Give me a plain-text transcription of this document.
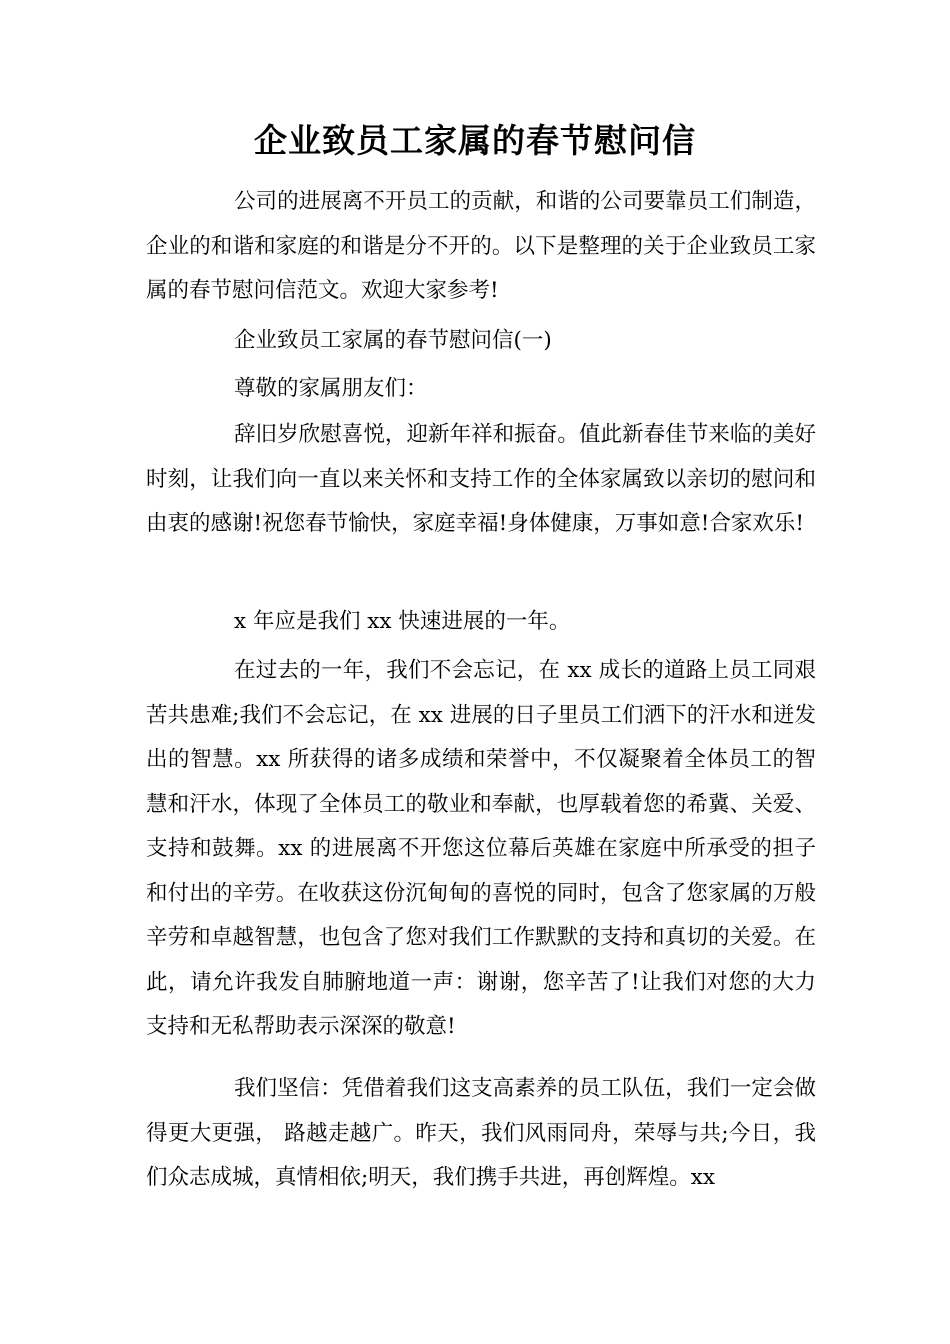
企业致员工家属的春节慰问信

公司的进展离不开员工的贡献，和谐的公司要靠员工们制造，企业的和谐和家庭的和谐是分不开的。以下是整理的关于企业致员工家属的春节慰问信范文。欢迎大家参考!

企业致员工家属的春节慰问信(一)

尊敬的家属朋友们：

辞旧岁欣慰喜悦，迎新年祥和振奋。值此新春佳节来临的美好时刻，让我们向一直以来关怀和支持工作的全体家属致以亲切的慰问和由衷的感谢!祝您春节愉快，家庭幸福!身体健康，万事如意!合家欢乐!

x 年应是我们 xx 快速进展的一年。

在过去的一年，我们不会忘记，在 xx 成长的道路上员工同艰苦共患难;我们不会忘记，在 xx 进展的日子里员工们洒下的汗水和迸发出的智慧。xx 所获得的诸多成绩和荣誉中，不仅凝聚着全体员工的智慧和汗水，体现了全体员工的敬业和奉献，也厚载着您的希冀、关爱、支持和鼓舞。xx 的进展离不开您这位幕后英雄在家庭中所承受的担子和付出的辛劳。在收获这份沉甸甸的喜悦的同时，包含了您家属的万般辛劳和卓越智慧，也包含了您对我们工作默默的支持和真切的关爱。在此，请允许我发自肺腑地道一声：谢谢，您辛苦了!让我们对您的大力支持和无私帮助表示深深的敬意!

我们坚信：凭借着我们这支高素养的员工队伍，我们一定会做得更大更强， 路越走越广。昨天，我们风雨同舟，荣辱与共;今日，我们众志成城，真情相依;明天，我们携手共进，再创辉煌。xx
